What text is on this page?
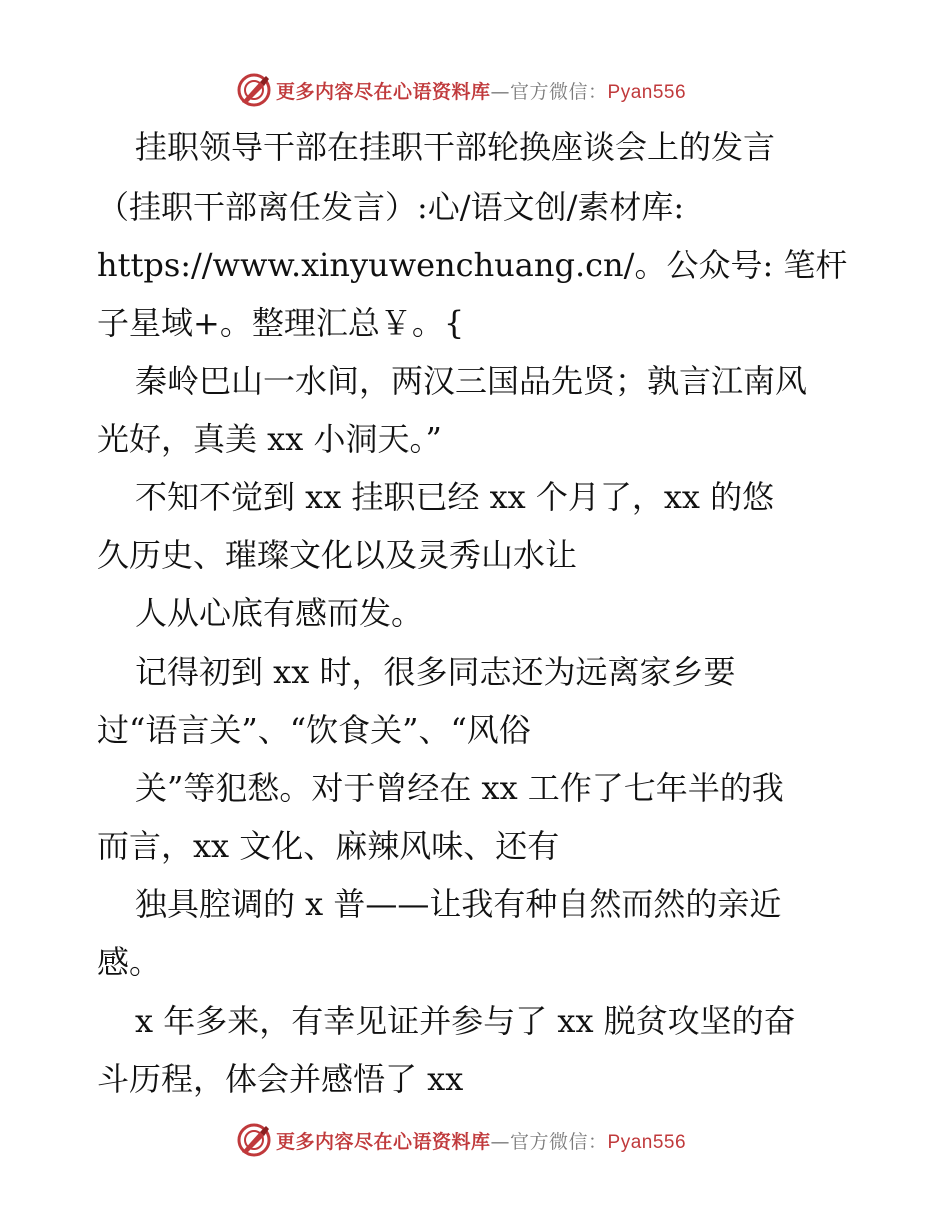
更多内容尽在心语资料库—官方微信：Pyan556
挂职领导干部在挂职干部轮换座谈会上的发言
（挂职干部离任发言）:心/语文创/素材库:
https://www.xinyuwenchuang.cn/。公众号: 笔杆
子星域+。整理汇总￥。{
秦岭巴山一水间，两汉三国品先贤；孰言江南风
光好，真美 xx 小洞天。”
不知不觉到 xx 挂职已经 xx 个月了，xx 的悠
久历史、璀璨文化以及灵秀山水让
人从心底有感而发。
记得初到 xx 时，很多同志还为远离家乡要
过“语言关”、“饮食关”、“风俗
关”等犯愁。对于曾经在 xx 工作了七年半的我
而言，xx 文化、麻辣风味、还有
独具腔调的 x 普——让我有种自然而然的亲近
感。
x 年多来，有幸见证并参与了 xx 脱贫攻坚的奋
斗历程，体会并感悟了 xx
更多内容尽在心语资料库—官方微信：Pyan556
